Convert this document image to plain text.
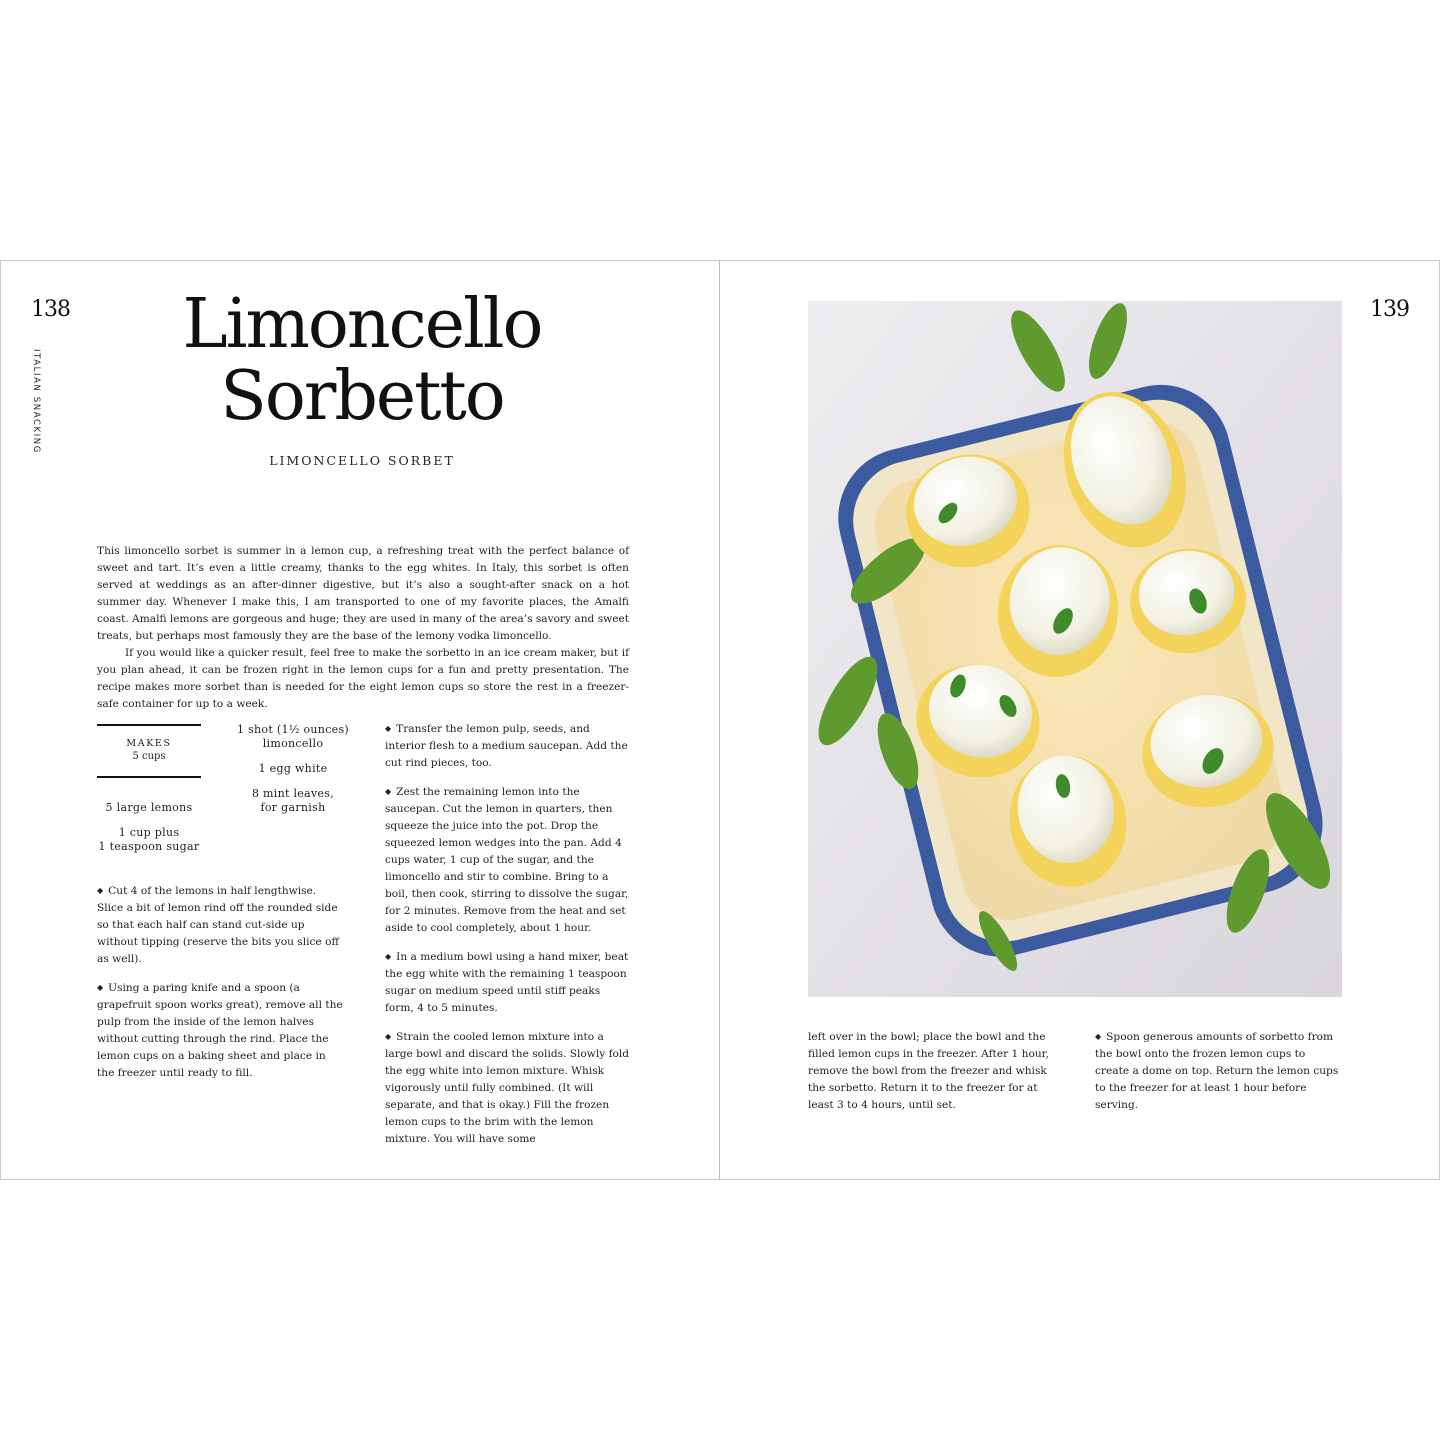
138
ITALIAN SNACKING
Limoncello
Sorbetto
LIMONCELLO SORBET

This limoncello sorbet is summer in a lemon cup, a refreshing treat with the perfect balance of sweet and tart. It’s even a little creamy, thanks to the egg whites. In Italy, this sorbet is often served at weddings as an after-dinner digestive, but it’s also a sought-after snack on a hot summer day. Whenever I make this, I am transported to one of my favorite places, the Amalfi coast. Amalfi lemons are gorgeous and huge; they are used in many of the area’s savory and sweet treats, but perhaps most famously they are the base of the lemony vodka limoncello.

If you would like a quicker result, feel free to make the sorbetto in an ice cream maker, but if you plan ahead, it can be frozen right in the lemon cups for a fun and pretty presentation. The recipe makes more sorbet than is needed for the eight lemon cups so store the rest in a freezer-safe container for up to a week.

MAKES
5 cups
5 large lemons
1 cup plus
1 teaspoon sugar
1 shot (1½ ounces)
limoncello
1 egg white
8 mint leaves,
for garnish

◆ Cut 4 of the lemons in half lengthwise. Slice a bit of lemon rind off the rounded side so that each half can stand cut-side up without tipping (reserve the bits you slice off as well).

◆ Using a paring knife and a spoon (a grapefruit spoon works great), remove all the pulp from the inside of the lemon halves without cutting through the rind. Place the lemon cups on a baking sheet and place in the freezer until ready to fill.

◆ Transfer the lemon pulp, seeds, and interior flesh to a medium saucepan. Add the cut rind pieces, too.

◆ Zest the remaining lemon into the saucepan. Cut the lemon in quarters, then squeeze the juice into the pot. Drop the squeezed lemon wedges into the pan. Add 4 cups water, 1 cup of the sugar, and the limoncello and stir to combine. Bring to a boil, then cook, stirring to dissolve the sugar, for 2 minutes. Remove from the heat and set aside to cool completely, about 1 hour.

◆ In a medium bowl using a hand mixer, beat the egg white with the remaining 1 teaspoon sugar on medium speed until stiff peaks form, 4 to 5 minutes.

◆ Strain the cooled lemon mixture into a large bowl and discard the solids. Slowly fold the egg white into lemon mixture. Whisk vigorously until fully combined. (It will separate, and that is okay.) Fill the frozen lemon cups to the brim with the lemon mixture. You will have some

139
left over in the bowl; place the bowl and the filled lemon cups in the freezer. After 1 hour, remove the bowl from the freezer and whisk the sorbetto. Return it to the freezer for at least 3 to 4 hours, until set.

◆ Spoon generous amounts of sorbetto from the bowl onto the frozen lemon cups to create a dome on top. Return the lemon cups to the freezer for at least 1 hour before serving.
